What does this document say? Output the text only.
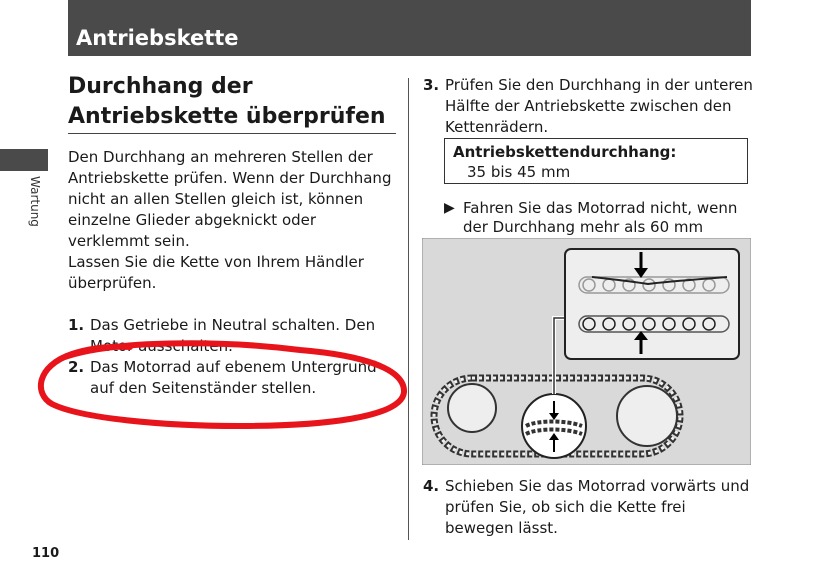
Antriebskette
Wartung
110
Durchhang der Antriebskette überprüfen

Den Durchhang an mehreren Stellen der Antriebskette prüfen. Wenn der Durchhang nicht an allen Stellen gleich ist, können einzelne Glieder abgeknickt oder verklemmt sein.
Lassen Sie die Kette von Ihrem Händler überprüfen.

1. Das Getriebe in Neutral schalten. Den Motor ausschalten.
2. Das Motorrad auf ebenem Untergrund auf den Seitenständer stellen.
3. Prüfen Sie den Durchhang in der unteren Hälfte der Antriebskette zwischen den Kettenrädern.
4. Schieben Sie das Motorrad vorwärts und prüfen Sie, ob sich die Kette frei bewegen lässt.
Antriebskettendurchhang:
35 bis 45 mm
▶ Fahren Sie das Motorrad nicht, wenn der Durchhang mehr als 60 mm
